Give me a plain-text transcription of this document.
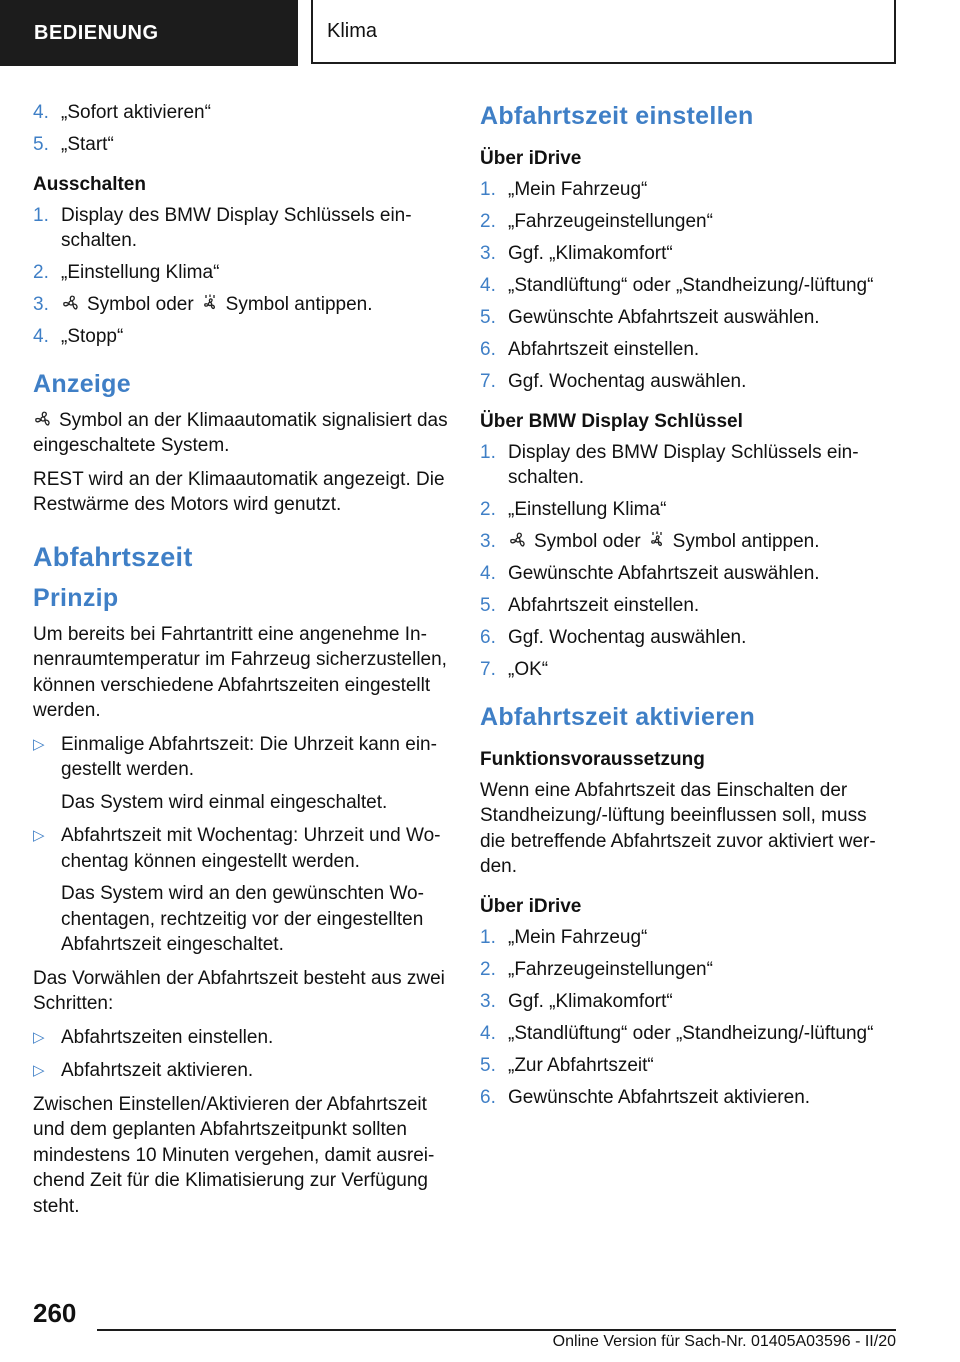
BEDIENUNG	Klima
4. „Sofort aktivieren“
5. „Start“
Ausschalten
1. Display des BMW Display Schlüssels ein-
schalten.
2. „Einstellung Klima“
3. Symbol oder Symbol antippen.
4. „Stopp“
Anzeige

Symbol an der Klimaautomatik signalisiert das eingeschaltete System.

REST wird an der Klimaautomatik angezeigt. Die Restwärme des Motors wird genutzt.

Abfahrtszeit
Prinzip

Um bereits bei Fahrtantritt eine angenehme In-nenraumtemperatur im Fahrzeug sicherzustellen, können verschiedene Abfahrtszeiten eingestellt werden.

▷ Einmalige Abfahrtszeit: Die Uhrzeit kann ein-gestellt werden.
Das System wird einmal eingeschaltet.
▷ Abfahrtszeit mit Wochentag: Uhrzeit und Wo-chentag können eingestellt werden.
Das System wird an den gewünschten Wo-chentagen, rechtzeitig vor der eingestellten Abfahrtszeit eingeschaltet.

Das Vorwählen der Abfahrtszeit besteht aus zwei Schritten:

▷ Abfahrtszeiten einstellen.
▷ Abfahrtszeit aktivieren.

Zwischen Einstellen/Aktivieren der Abfahrtszeit und dem geplanten Abfahrtszeitpunkt sollten mindestens 10 Minuten vergehen, damit ausrei-chend Zeit für die Klimatisierung zur Verfügung steht.

Abfahrtszeit einstellen
Über iDrive
1. „Mein Fahrzeug“
2. „Fahrzeugeinstellungen“
3. Ggf. „Klimakomfort“
4. „Standlüftung“ oder „Standheizung/-lüftung“
5. Gewünschte Abfahrtszeit auswählen.
6. Abfahrtszeit einstellen.
7. Ggf. Wochentag auswählen.
Über BMW Display Schlüssel
1. Display des BMW Display Schlüssels ein-
schalten.
2. „Einstellung Klima“
3. Symbol oder Symbol antippen.
4. Gewünschte Abfahrtszeit auswählen.
5. Abfahrtszeit einstellen.
6. Ggf. Wochentag auswählen.
7. „OK“
Abfahrtszeit aktivieren
Funktionsvoraussetzung

Wenn eine Abfahrtszeit das Einschalten der Standheizung/-lüftung beeinflussen soll, muss die betreffende Abfahrtszeit zuvor aktiviert wer-den.

Über iDrive
1. „Mein Fahrzeug“
2. „Fahrzeugeinstellungen“
3. Ggf. „Klimakomfort“
4. „Standlüftung“ oder „Standheizung/-lüftung“
5. „Zur Abfahrtszeit“
6. Gewünschte Abfahrtszeit aktivieren.
260
Online Version für Sach-Nr. 01405A03596 - II/20
